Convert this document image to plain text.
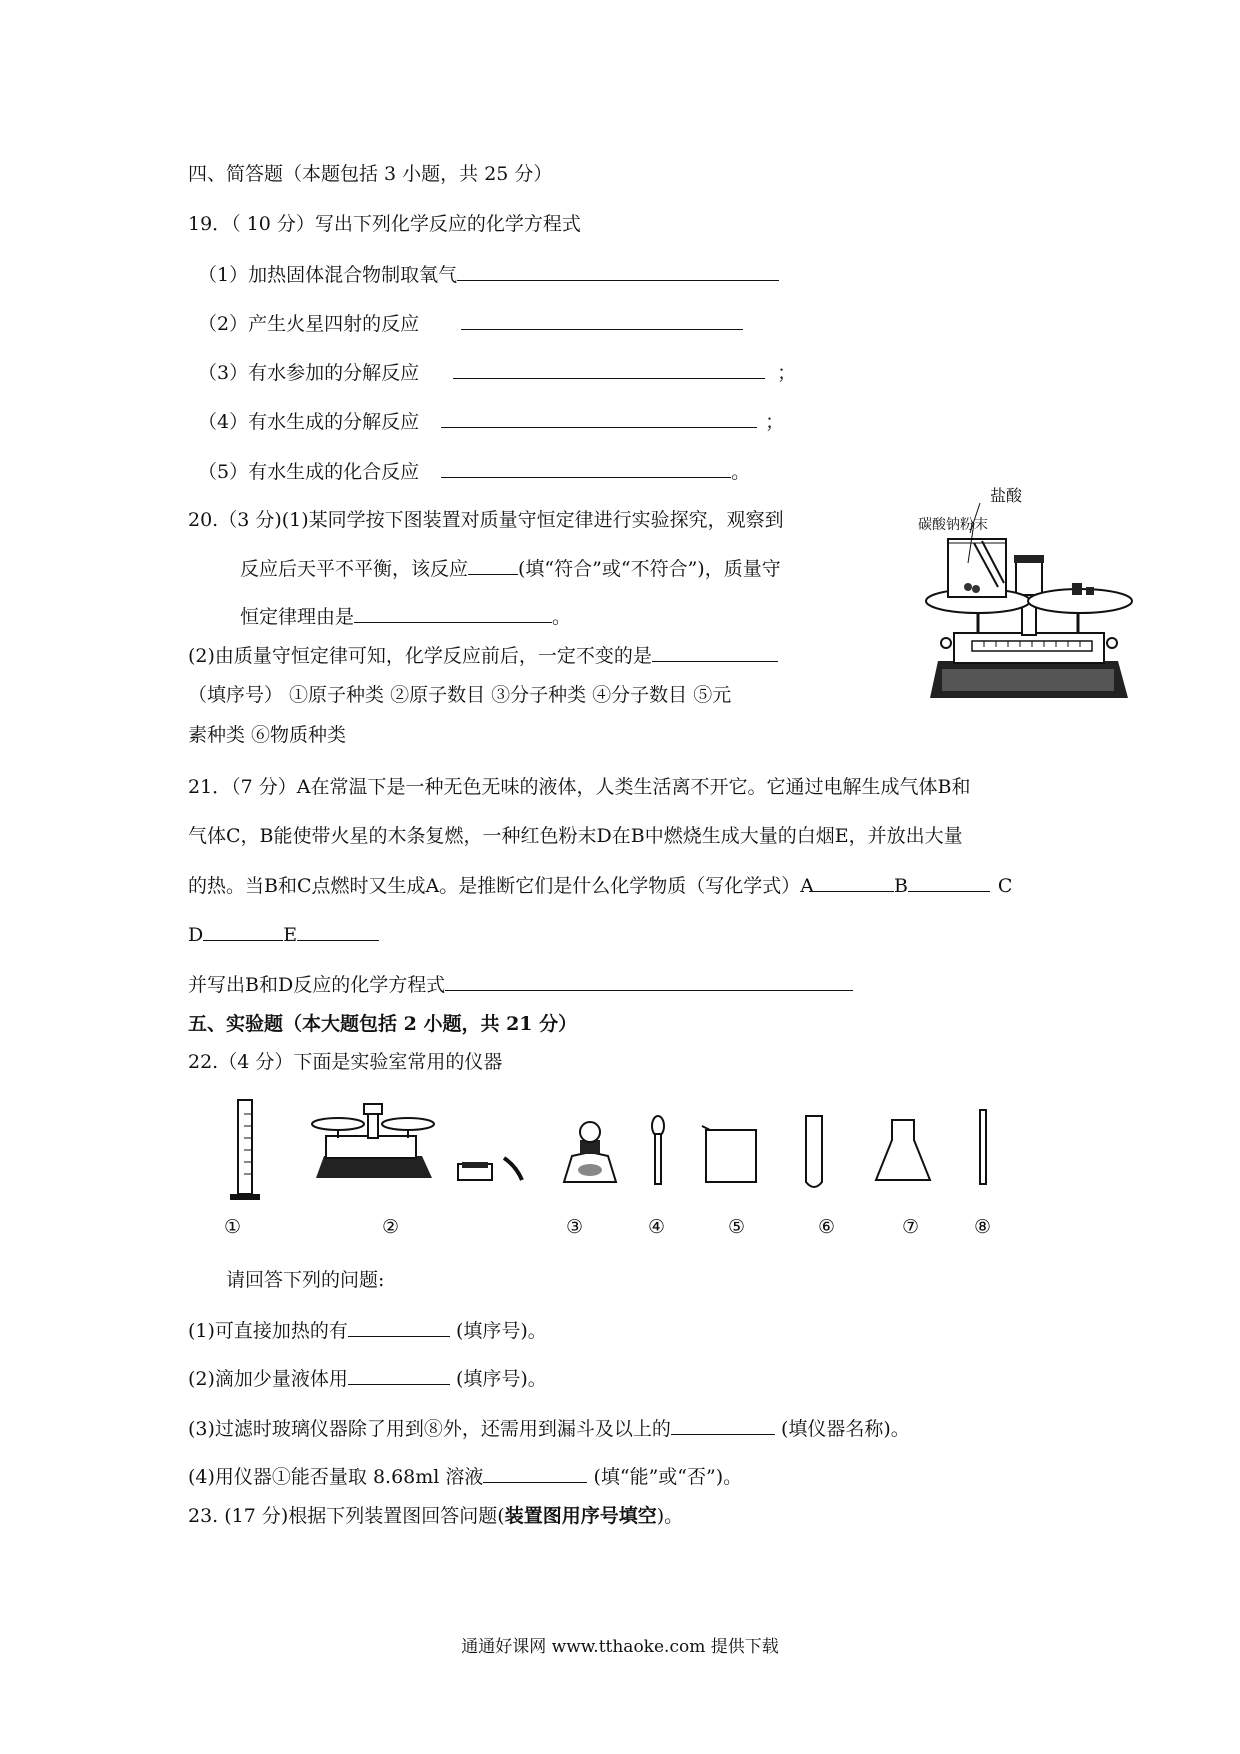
四、简答题（本题包括 3 小题，共 25 分）
19．（ 10 分）写出下列化学反应的化学方程式
（1）加热固体混合物制取氧气
（2）产生火星四射的反应
（3）有水参加的分解反应	；
（4）有水生成的分解反应	；
（5）有水生成的化合反应	。
20.（3 分)(1)某同学按下图装置对质量守恒定律进行实验探究，观察到
反应后天平不平衡，该反应	(填“符合”或“不符合”)，质量守
恒定律理由是	。
(2)由质量守恒定律可知，化学反应前后，一定不变的是
（填序号） ①原子种类 ②原子数目 ③分子种类 ④分子数目 ⑤元
素种类 ⑥物质种类
盐酸
碳酸钠粉末
21．（7 分）A在常温下是一种无色无味的液体，人类生活离不开它。它通过电解生成气体B和
气体C，B能使带火星的木条复燃，一种红色粉末D在B中燃烧生成大量的白烟E，并放出大量
的热。当B和C点燃时又生成A。是推断它们是什么化学物质（写化学式）A	B	C
D	E
并写出B和D反应的化学方程式
五、实验题（本大题包括 2 小题，共 21 分）
22.（4 分）下面是实验室常用的仪器
①	②	③	④	⑤	⑥	⑦	⑧
请回答下列的问题:
(1)可直接加热的有	(填序号)。
(2)滴加少量液体用	(填序号)。
(3)过滤时玻璃仪器除了用到⑧外，还需用到漏斗及以上的	(填仪器名称)。
(4)用仪器①能否量取 8.68ml 溶液	(填“能”或“否”)。
23. (17 分)根据下列装置图回答问题(装置图用序号填空)。
通通好课网 www.tthaoke.com 提供下载
